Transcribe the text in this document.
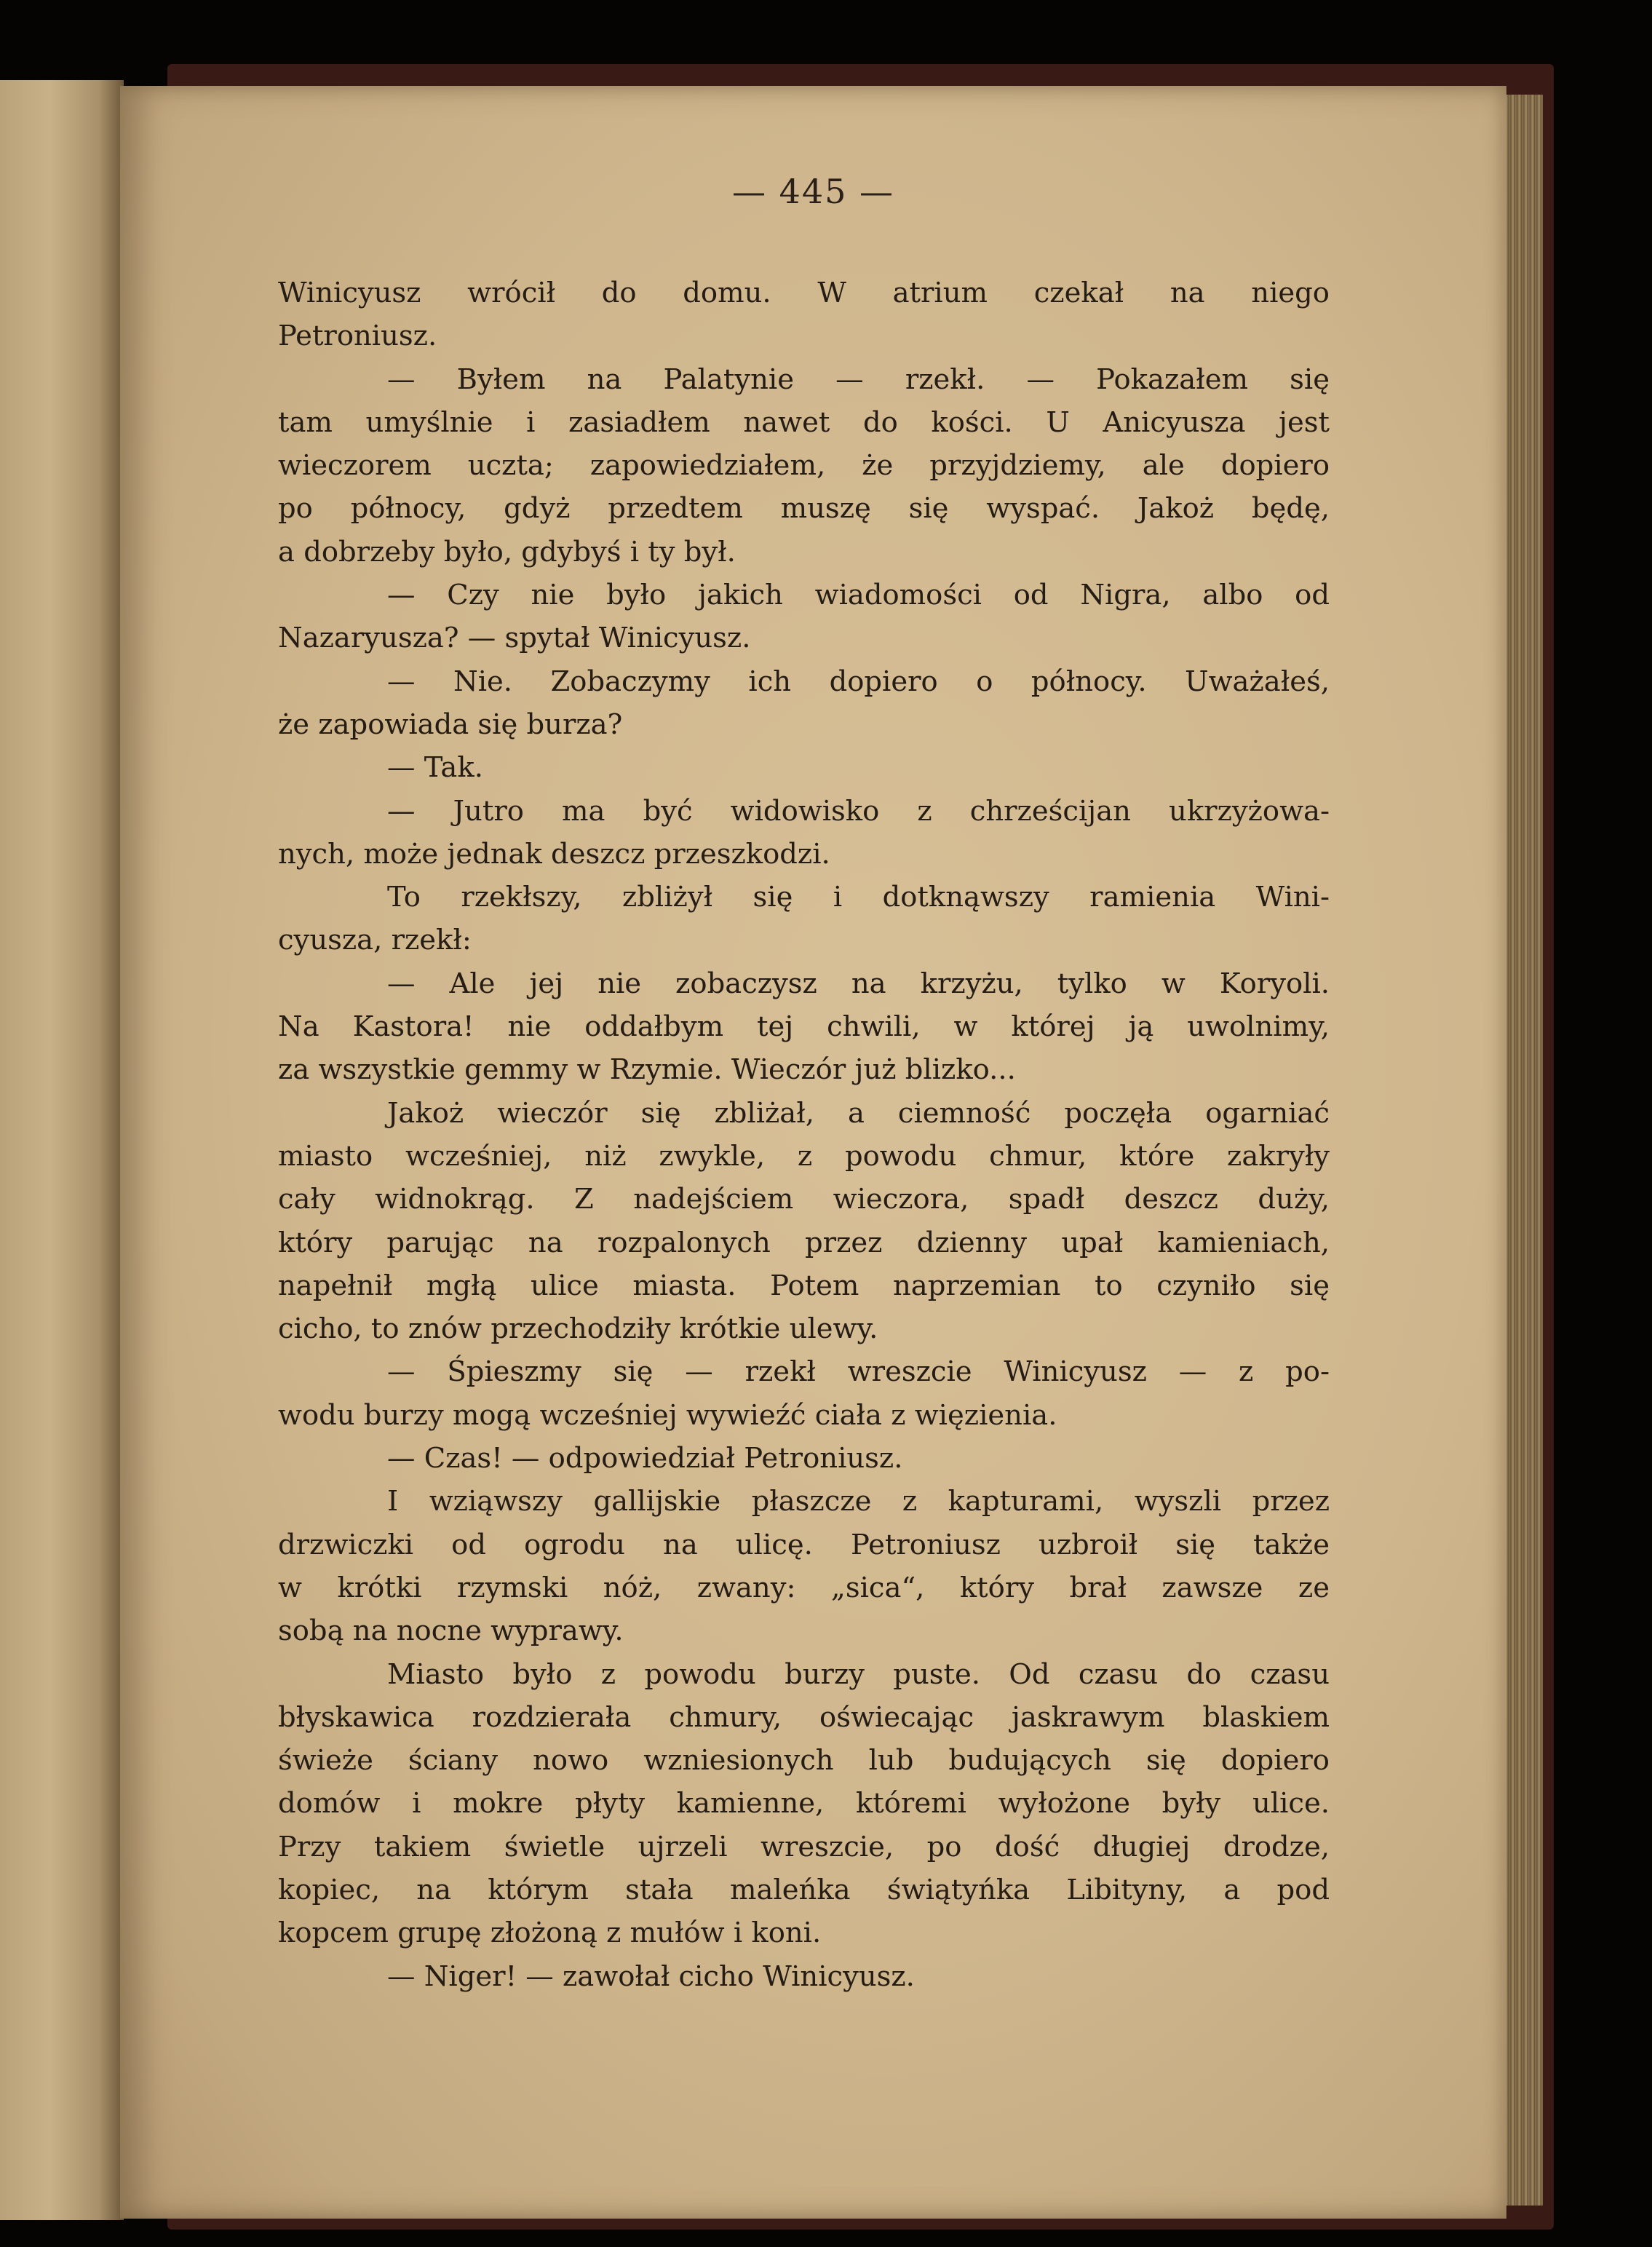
— 445 —
Winicyusz wrócił do domu. W atrium czekał na niego
Petroniusz.
— Byłem na Palatynie — rzekł. — Pokazałem się
tam umyślnie i zasiadłem nawet do kości. U Anicyusza jest
wieczorem uczta; zapowiedziałem, że przyjdziemy, ale dopiero
po północy, gdyż przedtem muszę się wyspać. Jakoż będę,
a dobrzeby było, gdybyś i ty był.
— Czy nie było jakich wiadomości od Nigra, albo od
Nazaryusza? — spytał Winicyusz.
— Nie. Zobaczymy ich dopiero o północy. Uważałeś,
że zapowiada się burza?
— Tak.
— Jutro ma być widowisko z chrześcijan ukrzyżowa-
nych, może jednak deszcz przeszkodzi.
To rzekłszy, zbliżył się i dotknąwszy ramienia Wini-
cyusza, rzekł:
— Ale jej nie zobaczysz na krzyżu, tylko w Koryoli.
Na Kastora! nie oddałbym tej chwili, w której ją uwolnimy,
za wszystkie gemmy w Rzymie. Wieczór już blizko...
Jakoż wieczór się zbliżał, a ciemność poczęła ogarniać
miasto wcześniej, niż zwykle, z powodu chmur, które zakryły
cały widnokrąg. Z nadejściem wieczora, spadł deszcz duży,
który parując na rozpalonych przez dzienny upał kamieniach,
napełnił mgłą ulice miasta. Potem naprzemian to czyniło się
cicho, to znów przechodziły krótkie ulewy.
— Śpieszmy się — rzekł wreszcie Winicyusz — z po-
wodu burzy mogą wcześniej wywieźć ciała z więzienia.
— Czas! — odpowiedział Petroniusz.
I wziąwszy gallijskie płaszcze z kapturami, wyszli przez
drzwiczki od ogrodu na ulicę. Petroniusz uzbroił się także
w krótki rzymski nóż, zwany: „sica“, który brał zawsze ze
sobą na nocne wyprawy.
Miasto było z powodu burzy puste. Od czasu do czasu
błyskawica rozdzierała chmury, oświecając jaskrawym blaskiem
świeże ściany nowo wzniesionych lub budujących się dopiero
domów i mokre płyty kamienne, któremi wyłożone były ulice.
Przy takiem świetle ujrzeli wreszcie, po dość długiej drodze,
kopiec, na którym stała maleńka świątyńka Libityny, a pod
kopcem grupę złożoną z mułów i koni.
— Niger! — zawołał cicho Winicyusz.
